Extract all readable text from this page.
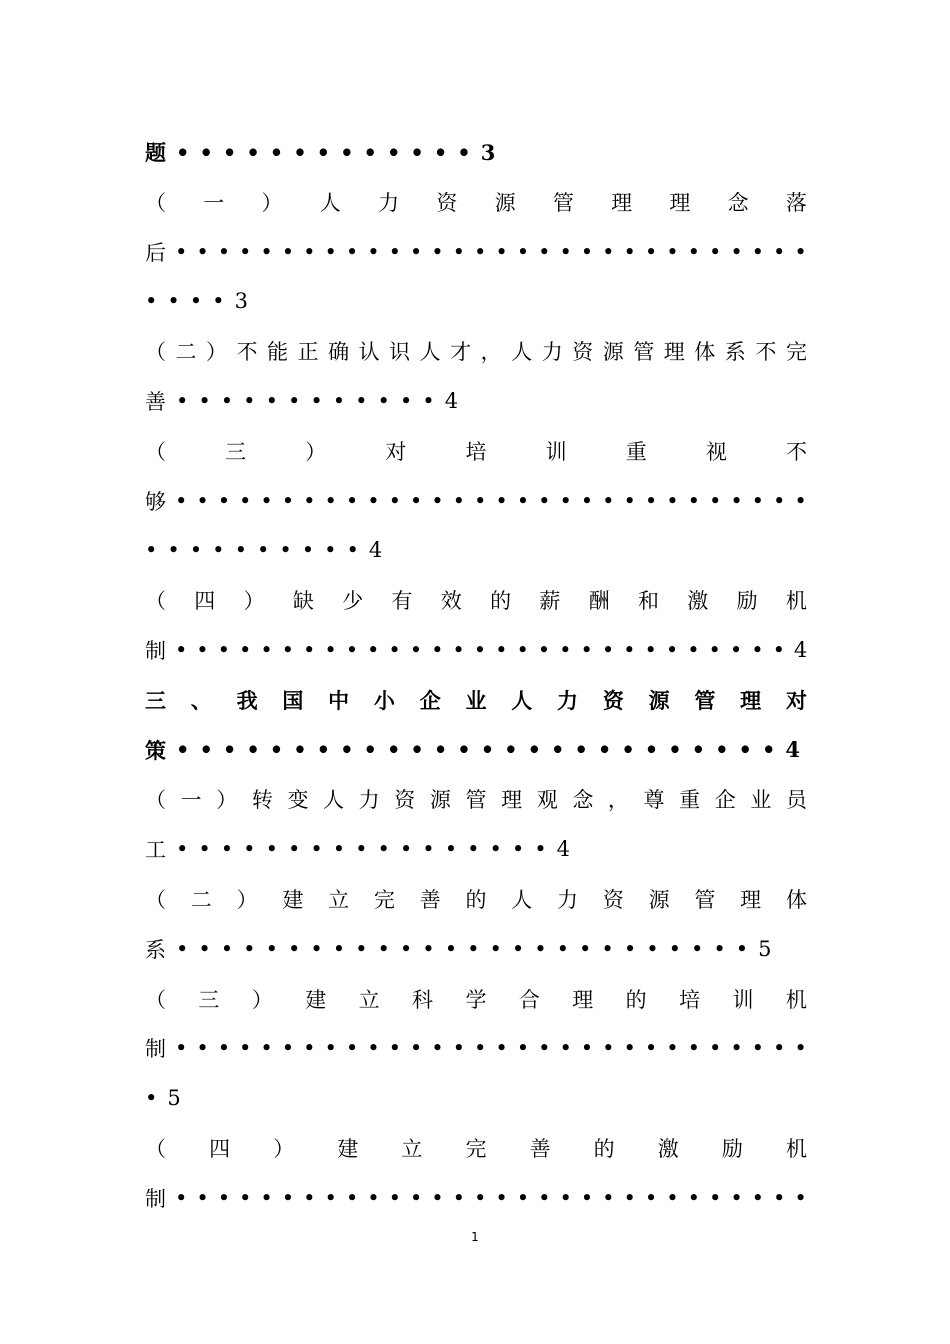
题 • • • • • • • • • • • • • 3
（ 一 ） 人 力 资 源 管 理 理 念 落
后 • • • • • • • • • • • • • • • • • • • • • • • • • • • • • •
• • • • 3
（ 二 ） 不 能 正 确 认 识 人 才 ， 人 力 资 源 管 理 体 系 不 完
善 • • • • • • • • • • • • 4
（	三	）	对	培	训	重	视	不
够 • • • • • • • • • • • • • • • • • • • • • • • • • • • • • •
• • • • • • • • • • 4
（ 四 ） 缺 少 有 效 的 薪 酬 和 激 励 机
制 • • • • • • • • • • • • • • • • • • • • • • • • • • • • • 4
三 、 我 国 中 小 企 业 人 力 资 源 管 理 对
策 • • • • • • • • • • • • • • • • • • • • • • • • • • 4
（ 一 ） 转 变 人 力 资 源 管 理 观 念 ， 尊 重 企 业 员
工 • • • • • • • • • • • • • • • • • 4
（ 二 ） 建 立 完 善 的 人 力 资 源 管 理 体
系 • • • • • • • • • • • • • • • • • • • • • • • • • • 5
（ 三 ） 建 立 科 学 合 理 的 培 训 机
制 • • • • • • • • • • • • • • • • • • • • • • • • • • • • • •
• 5
（ 四 ） 建 立 完 善 的 激 励 机
制 • • • • • • • • • • • • • • • • • • • • • • • • • • • • • •
1
